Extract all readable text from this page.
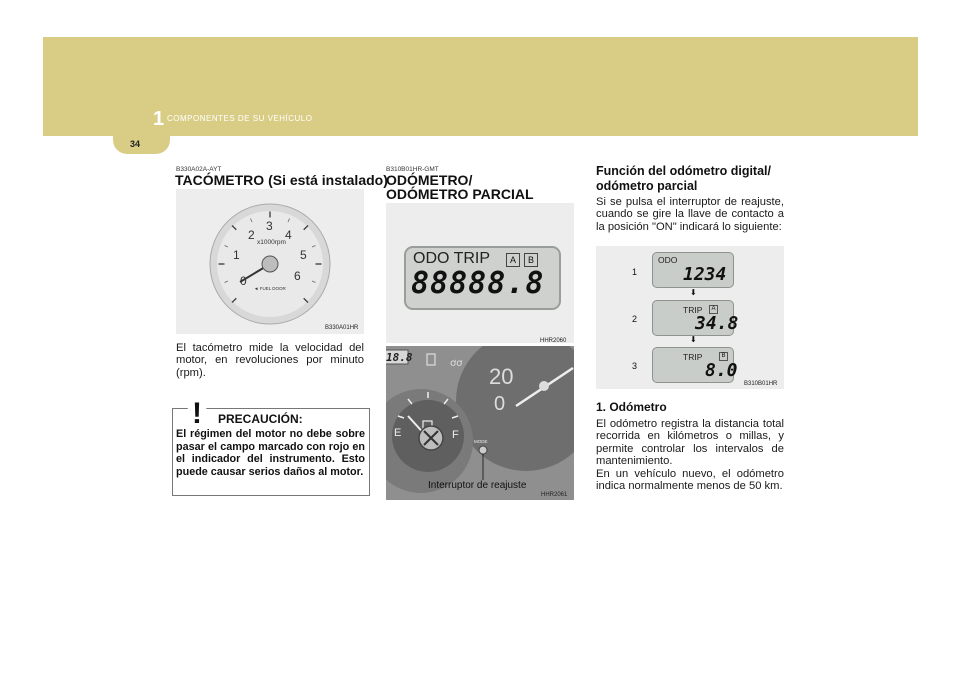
1 COMPONENTES DE SU VEHÍCULO
34
B330A02A-AYT
TACÓMETRO (Si está instalado)
0
1
2
3
4
5
6
x1000rpm
◄ FUEL DOOR
B330A01HR
El tacómetro mide la velocidad del motor, en revoluciones por minuto (rpm).
! PRECAUCIÓN:
El régimen del motor no debe sobre pasar el campo marcado con rojo en el indicador del instrumento. Esto puede causar serios daños al motor.
B310B01HR-GMT
ODÓMETRO/
ODÓMETRO PARCIAL
ODO TRIP	A	B
88888.8
HHR2060
18.8	ơơ
E	F
20
0
MODE
Interruptor de reajuste
HHR2061
Función del odómetro digital/
odómetro parcial
Si se pulsa el interruptor de reajuste, cuando se gire la llave de contacto a la posición "ON" indicará lo siguiente:
1
ODO
1234
⬇
2
TRIP	A
34.8
⬇
3
TRIP	B
8.0
B310B01HR
1. Odómetro
El odómetro registra la distancia total recorrida en kilómetros o millas, y permite controlar los intervalos de mantenimiento.
En un vehículo nuevo, el odómetro indica normalmente menos de 50 km.
